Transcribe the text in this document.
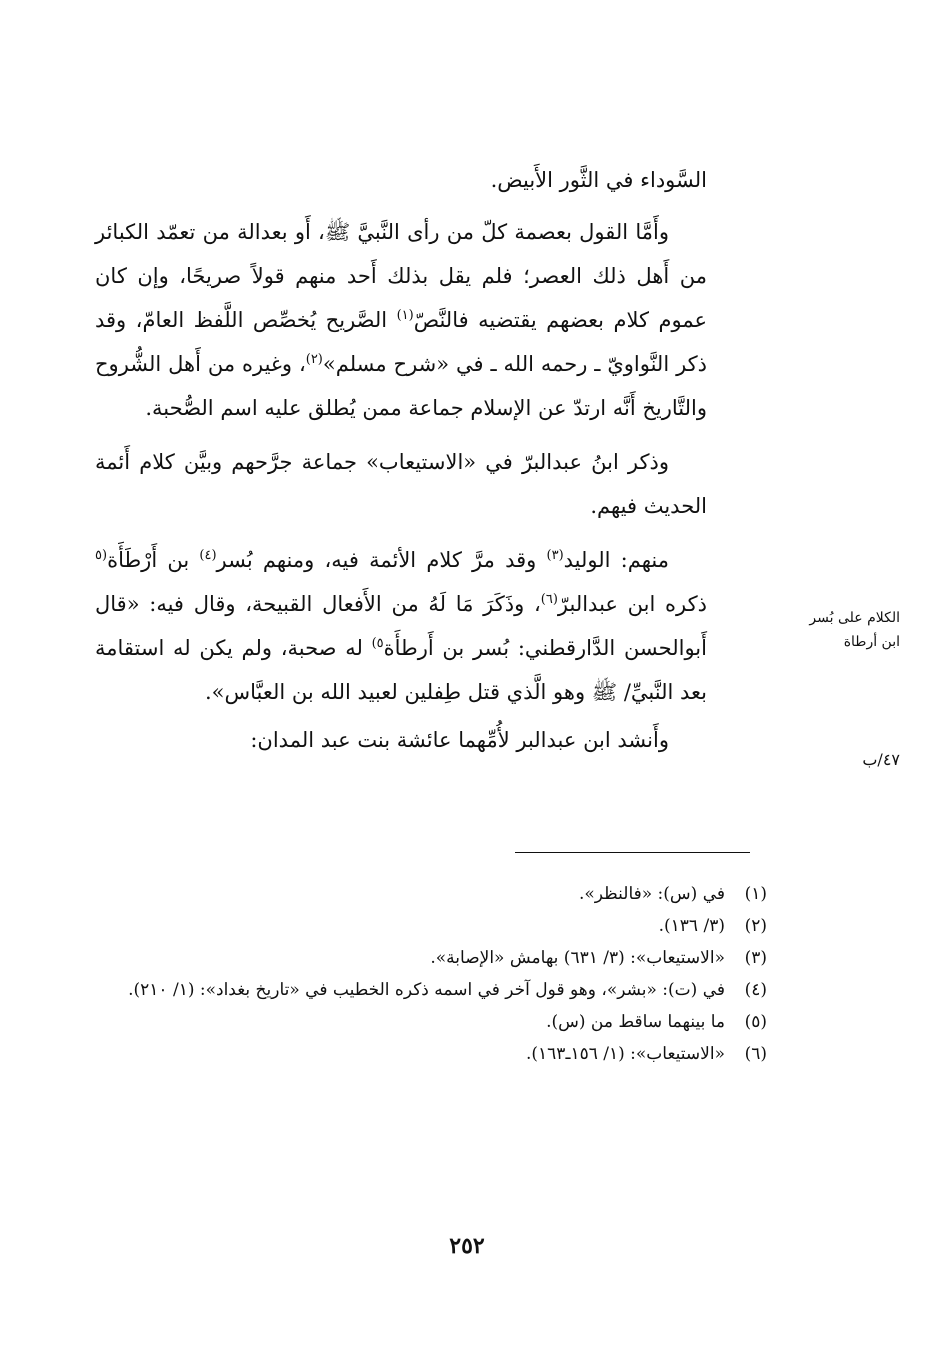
السَّوداء في الثَّور الأَبيض.

وأَمَّا القول بعصمة كلّ من رأى النَّبيَّ ﷺ، أَو بعدالة من تعمّد الكبائر من أَهل ذلك العصر؛ فلم يقل بذلك أَحد منهم قولاً صريحًا، وإن كان عموم كلام بعضهم يقتضيه فالنَّصّ$^{(١)}$ الصَّريح يُخصِّص اللَّفظ العامّ، وقد ذكر النَّواويّ ـ رحمه الله ـ في «شرح مسلم»$^{(٢)}$، وغيره من أَهل الشُّروح والتَّاريخ أَنَّه ارتدّ عن الإسلام جماعة ممن يُطلق عليه اسم الصُّحبة.

وذكر ابنُ عبدالبرّ في «الاستيعاب» جماعة جرَّحهم وبيَّن كلام أَئمة الحديث فيهم.

منهم: الوليد$^{(٣)}$ وقد مرَّ كلام الأئمة فيه، ومنهم بُسر$^{(٤)}$ بن أَرْطَأَة$^{(٥}$ ذكره ابن عبدالبرّ$^{(٦)}$، وذَكَرَ مَا لَهُ من الأَفعال القبيحة، وقال فيه: «قال أَبوالحسن الدَّارقطني: بُسر بن أَرطأَة$^{٥)}$ له صحبة، ولم يكن له استقامة بعد النَّبيِّ/ ﷺ وهو الَّذي قتل طِفلين لعبيد الله بن العبَّاس».

وأَنشد ابن عبدالبر لأُمِّهما عائشة بنت عبد المدان:

الكلام على بُسر ابن أرطاة
٤٧/ب
(١)
في (س): «فالنظر».
(٢)
(٣/ ١٣٦).
(٣)
«الاستيعاب»: (٣/ ٦٣١) بهامش «الإصابة».
(٤)
في (ت): «بشر»، وهو قول آخر في اسمه ذكره الخطيب في «تاريخ بغداد»: (١/ ٢١٠).
(٥)
ما بينهما ساقط من (س).
(٦)
«الاستيعاب»: (١/ ١٥٦ـ١٦٣).
٢٥٢
